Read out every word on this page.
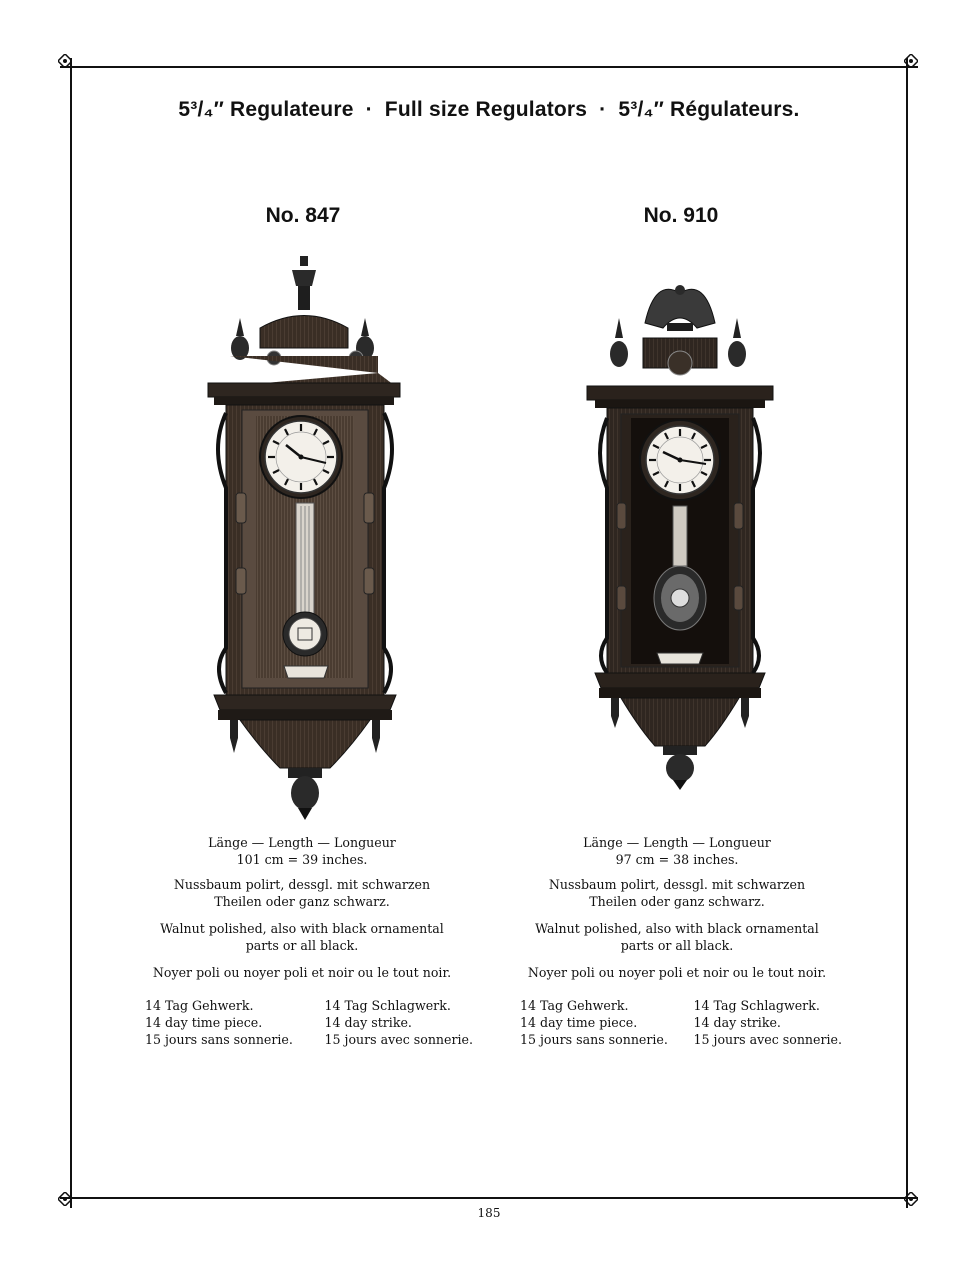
5³/₄″ Regulateure · Full size Regulators · 5³/₄″ Régulateurs.
No. 847	No. 910

Länge — Length — Longueur
101 cm = 39 inches.

Nussbaum polirt, dessgl. mit schwarzen Theilen oder ganz schwarz.

Walnut polished, also with black ornamental parts or all black.

Noyer poli ou noyer poli et noir ou le tout noir.

14 Tag Gehwerk.
14 day time piece.
15 jours sans sonnerie.
14 Tag Schlagwerk.
14 day strike.
15 jours avec sonnerie.

Länge — Length — Longueur
97 cm = 38 inches.

Nussbaum polirt, dessgl. mit schwarzen Theilen oder ganz schwarz.

Walnut polished, also with black ornamental parts or all black.

Noyer poli ou noyer poli et noir ou le tout noir.

14 Tag Gehwerk.
14 day time piece.
15 jours sans sonnerie.
14 Tag Schlagwerk.
14 day strike.
15 jours avec sonnerie.
185
